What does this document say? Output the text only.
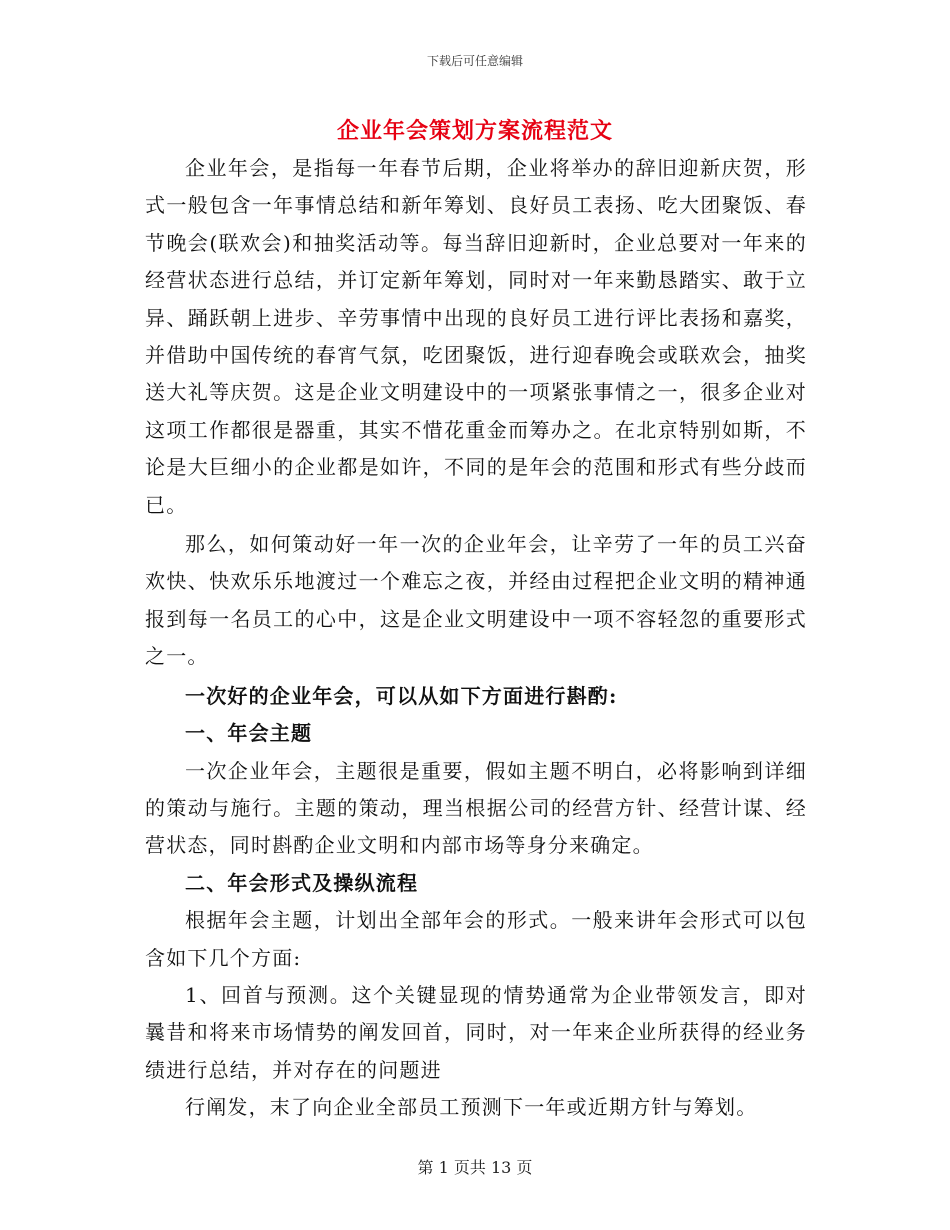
下载后可任意编辑
企业年会策划方案流程范文

企业年会，是指每一年春节后期，企业将举办的辞旧迎新庆贺，形式一般包含一年事情总结和新年筹划、良好员工表扬、吃大团聚饭、春节晚会(联欢会)和抽奖活动等。每当辞旧迎新时，企业总要对一年来的经营状态进行总结，并订定新年筹划，同时对一年来勤恳踏实、敢于立异、踊跃朝上进步、辛劳事情中出现的良好员工进行评比表扬和嘉奖，并借助中国传统的春宵气氛，吃团聚饭，进行迎春晚会或联欢会，抽奖送大礼等庆贺。这是企业文明建设中的一项紧张事情之一，很多企业对这项工作都很是器重，其实不惜花重金而筹办之。在北京特别如斯，不论是大巨细小的企业都是如许，不同的是年会的范围和形式有些分歧而已。

那么，如何策动好一年一次的企业年会，让辛劳了一年的员工兴奋欢快、快欢乐乐地渡过一个难忘之夜，并经由过程把企业文明的精神通报到每一名员工的心中，这是企业文明建设中一项不容轻忽的重要形式之一。

一次好的企业年会，可以从如下方面进行斟酌:

一、年会主题

一次企业年会，主题很是重要，假如主题不明白，必将影响到详细的策动与施行。主题的策动，理当根据公司的经营方针、经营计谋、经营状态，同时斟酌企业文明和内部市场等身分来确定。

二、年会形式及操纵流程

根据年会主题，计划出全部年会的形式。一般来讲年会形式可以包含如下几个方面:

1、回首与预测。这个关键显现的情势通常为企业带领发言，即对曩昔和将来市场情势的阐发回首，同时，对一年来企业所获得的经业务绩进行总结，并对存在的问题进

行阐发，末了向企业全部员工预测下一年或近期方针与筹划。

第 1 页共 13 页
